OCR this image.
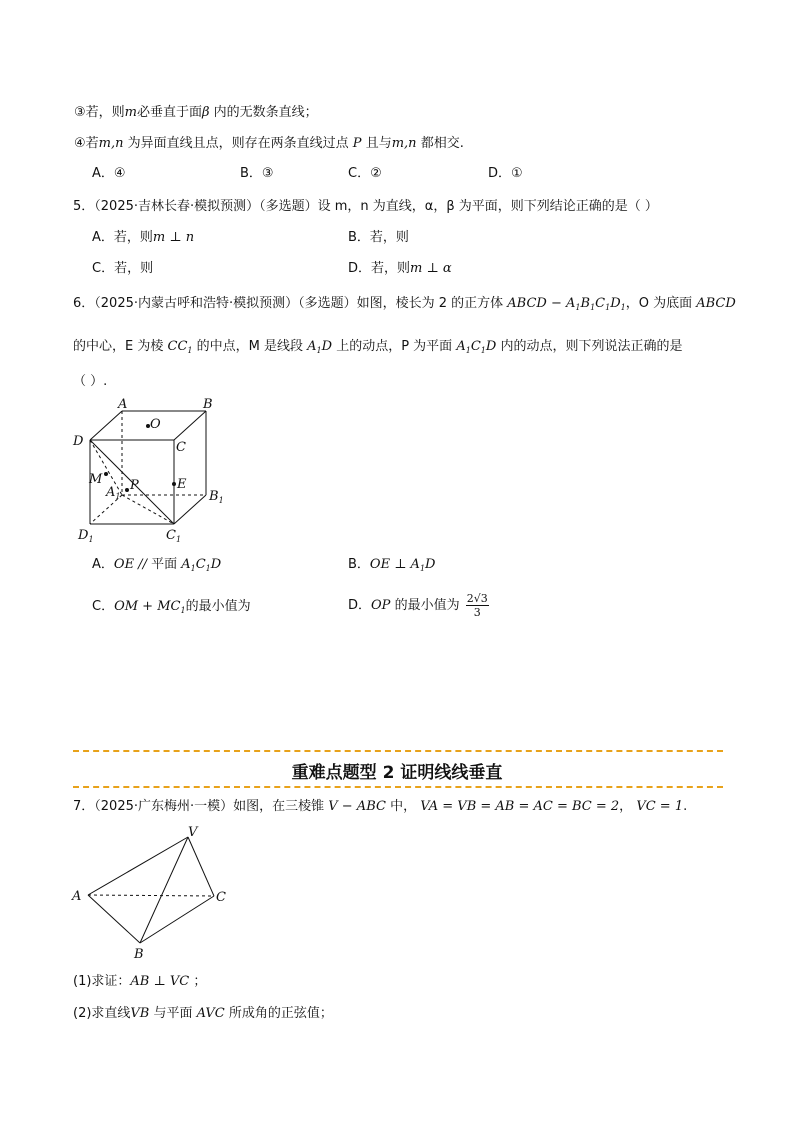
③若，则m必垂直于面β 内的无数条直线；
④若m,n 为异面直线且点，则存在两条直线过点 P 且与m,n 都相交.
A．④	B．③	C．②	D．①
5．（2025·吉林长春·模拟预测）（多选题）设 m，n 为直线，α，β 为平面，则下列结论正确的是（ ）
A．若，则m ⊥ n	B．若，则
C．若，则	D．若，则m ⊥ α
6．（2025·内蒙古呼和浩特·模拟预测）（多选题）如图，棱长为 2 的正方体 ABCD − $A_1B_1C_1D_1$，O 为底面 ABCD
的中心，E 为棱 $CC_1$ 的中点，M 是线段 $A_1D$ 上的动点，P 为平面 $A_1C_1D$ 内的动点，则下列说法正确的是
（ ）.
A	B
D	C
O
M P	E
$A_1$	$B_1$
$C_1$
$D_1$
A．OE // 平面 $A_1C_1D$	B．OE ⊥ $A_1D$
C．OM + $MC_1$的最小值为	D．OP 的最小值为 $\frac{2√3}{3}$
重难点题型 2 证明线线垂直
7．（2025·广东梅州·一模）如图，在三棱锥 V − ABC 中， VA = VB = AB = AC = BC = 2， VC = 1.
V
A	C
B
(1)求证：AB ⊥ VC ；
(2)求直线VB 与平面 AVC 所成角的正弦值；
